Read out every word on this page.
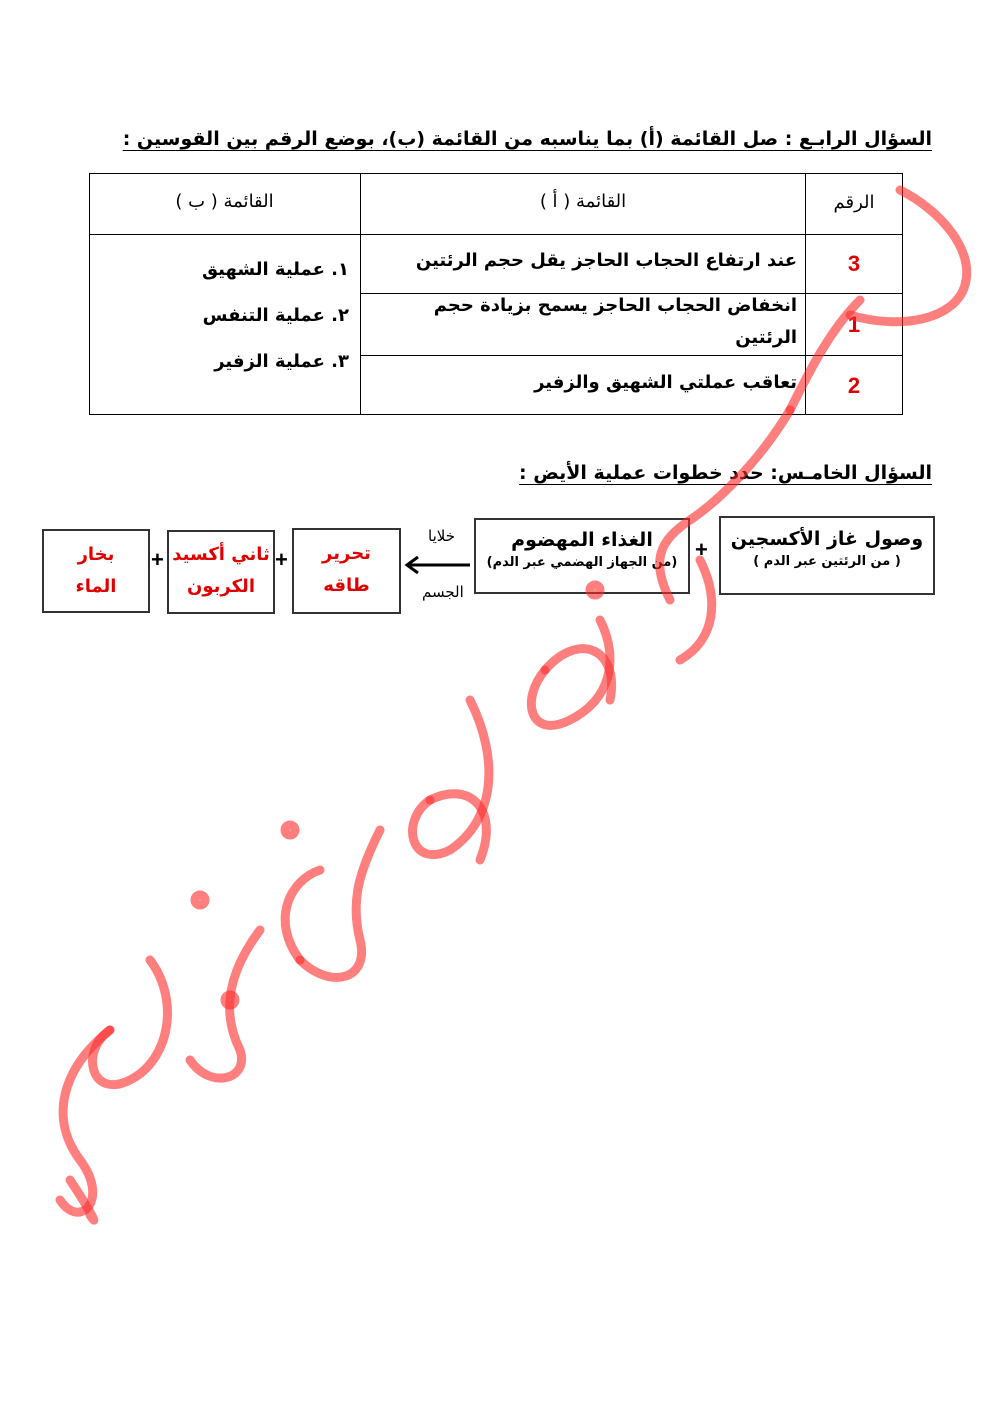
السؤال الرابـع : صل القائمة (أ) بما يناسبه من القائمة (ب)، بوضع الرقم بين القوسين :
الرقم
القائمة ( أ )
القائمة ( ب )
3
عند ارتفاع الحجاب الحاجز يقل حجم الرئتين
1
انخفاض الحجاب الحاجز يسمح بزيادة حجم
الرئتين
2
تعاقب عملتي الشهيق والزفير
١. عملية الشهيق
٢. عملية التنفس
٣. عملية الزفير
السؤال الخامـس: حدد خطوات عملية الأيض :
وصول غاز الأكسجين
( من الرئتين عبر الدم )
+
الغذاء المهضوم
(من الجهاز الهضمي عبر الدم)
خلايا
الجسم
تحرير
طاقه
+
ثاني أكسيد
الكربون
+
بخار
الماء
